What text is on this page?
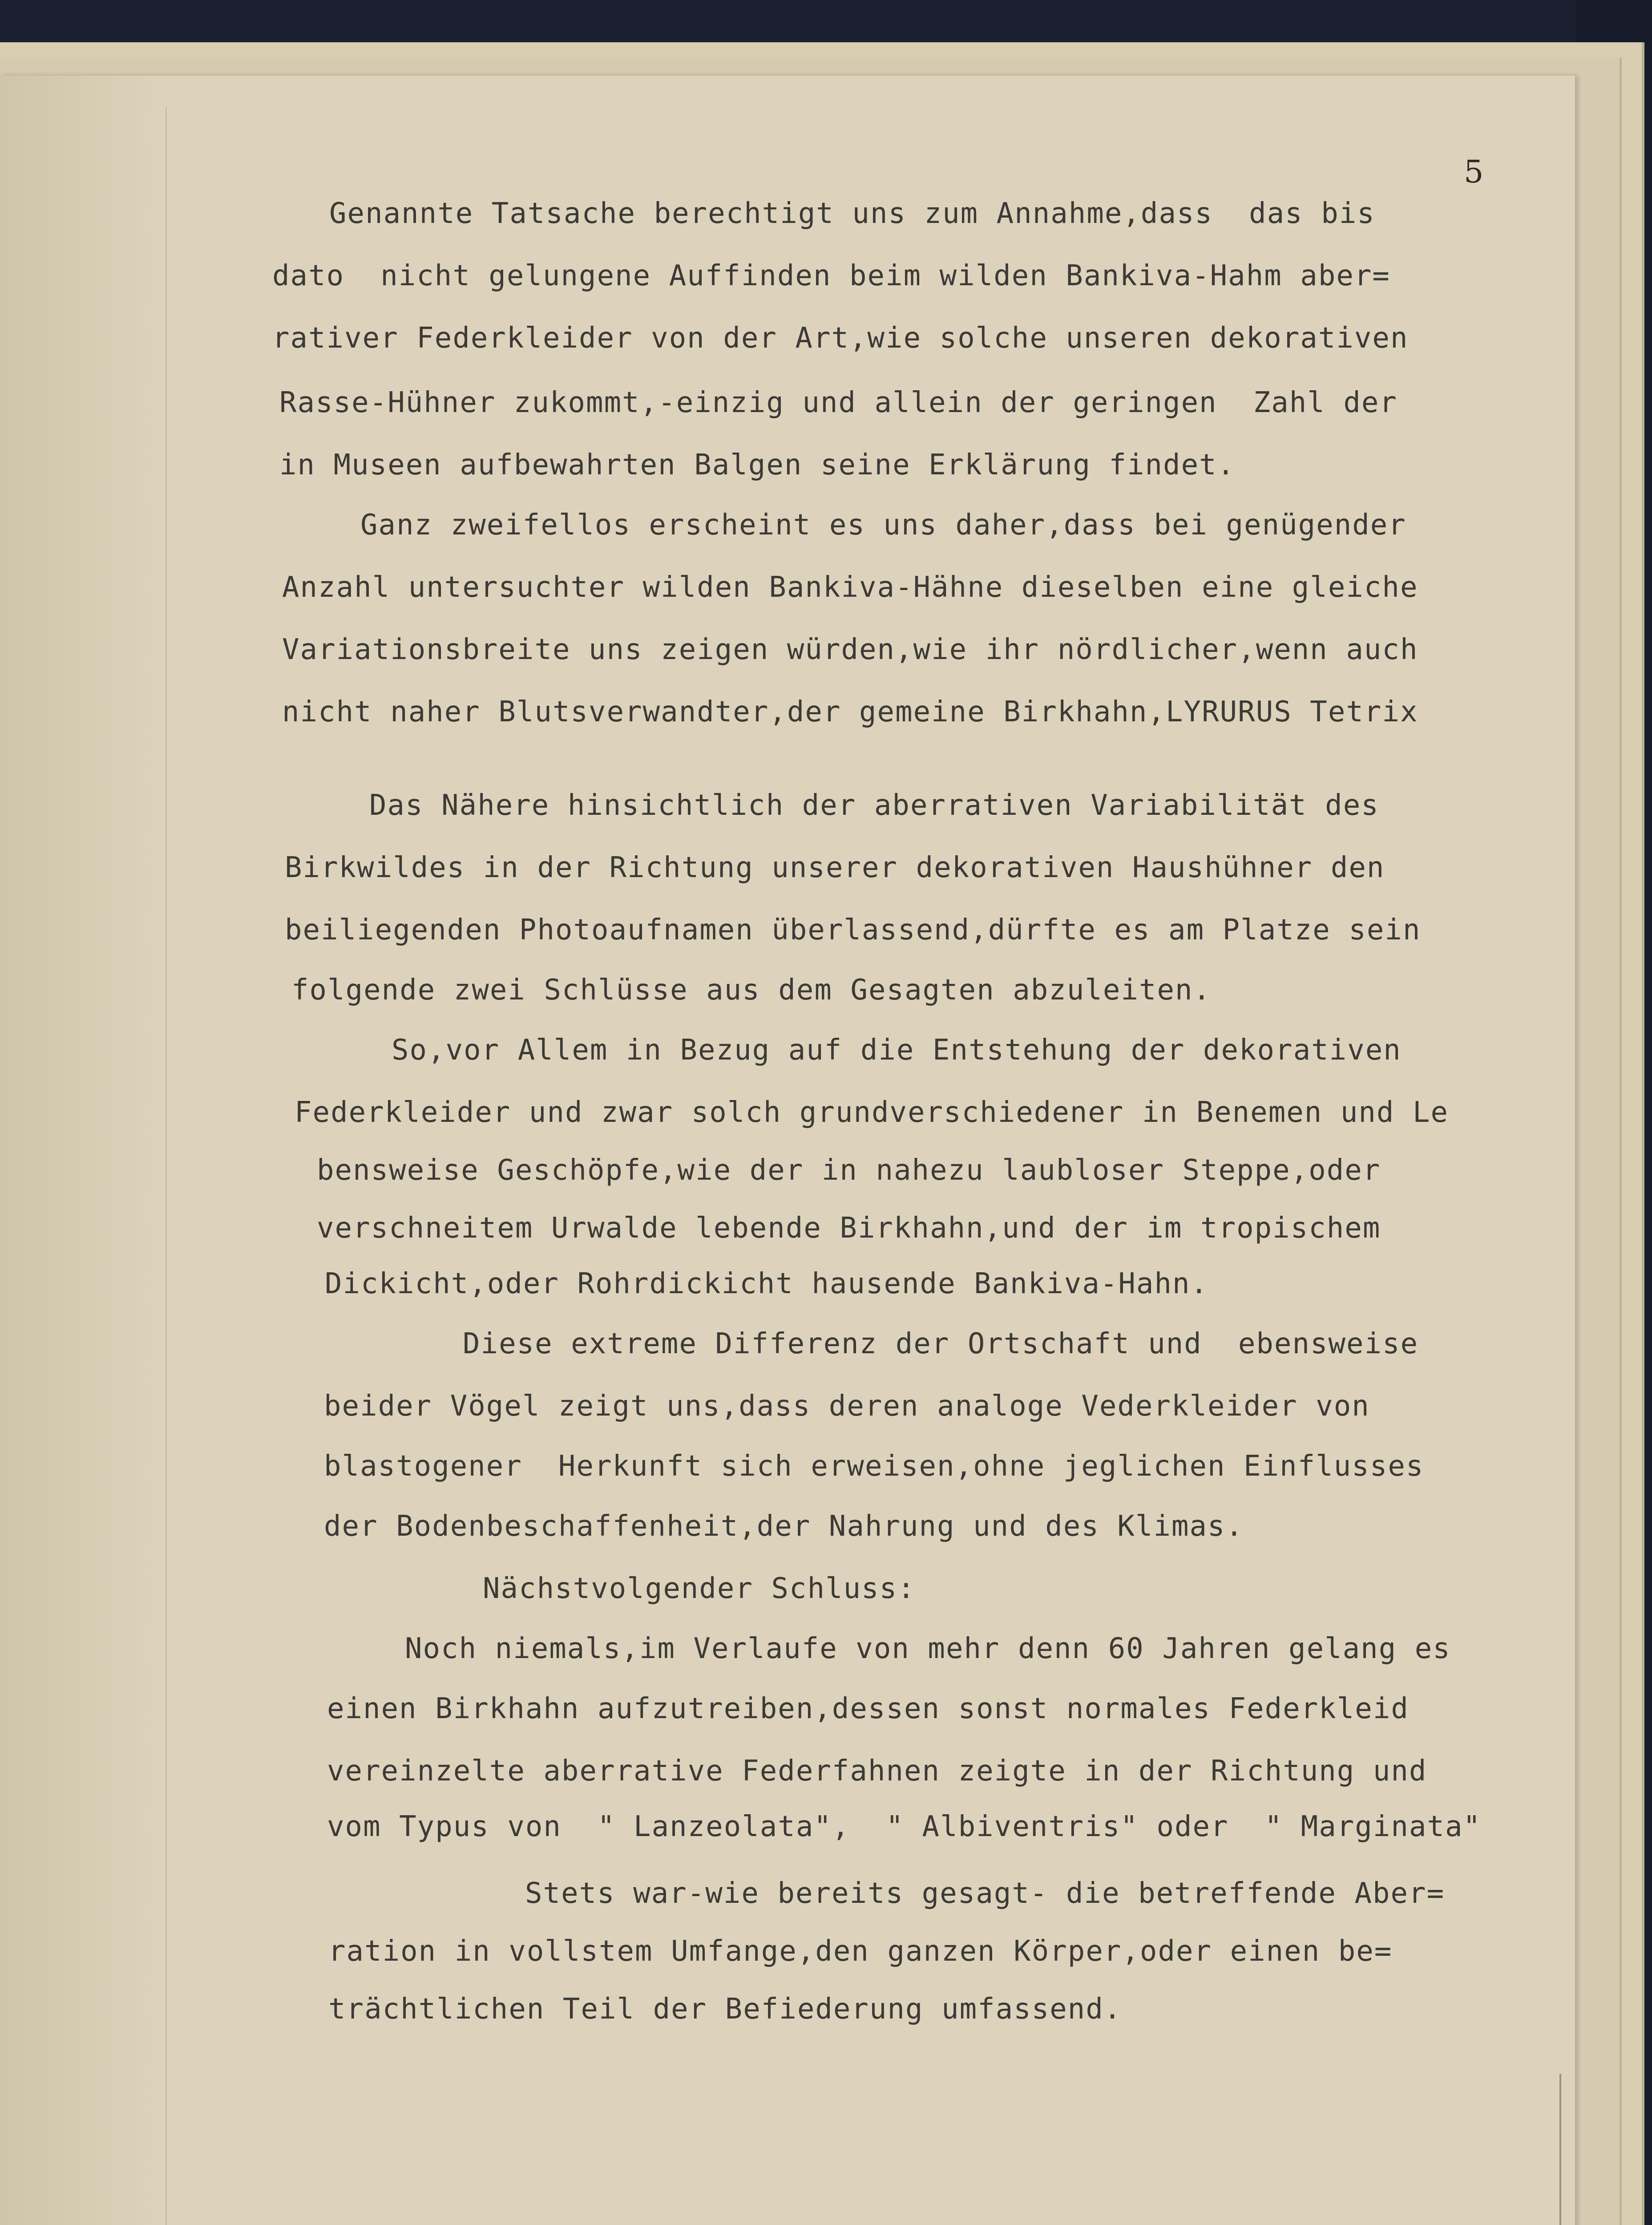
5
Genannte Tatsache berechtigt uns zum Annahme,dass  das bis
dato  nicht gelungene Auffinden beim wilden Bankiva-Hahm aber=
rativer Federkleider von der Art,wie solche unseren dekorativen
Rasse-Hühner zukommt,-einzig und allein der geringen  Zahl der
in Museen aufbewahrten Balgen seine Erklärung findet.
Ganz zweifellos erscheint es uns daher,dass bei genügender
Anzahl untersuchter wilden Bankiva-Hähne dieselben eine gleiche
Variationsbreite uns zeigen würden,wie ihr nördlicher,wenn auch
nicht naher Blutsverwandter,der gemeine Birkhahn,LYRURUS Tetrix
Das Nähere hinsichtlich der aberrativen Variabilität des
Birkwildes in der Richtung unserer dekorativen Haushühner den
beiliegenden Photoaufnamen überlassend,dürfte es am Platze sein
folgende zwei Schlüsse aus dem Gesagten abzuleiten.
So,vor Allem in Bezug auf die Entstehung der dekorativen
Federkleider und zwar solch grundverschiedener in Benemen und Le
bensweise Geschöpfe,wie der in nahezu laubloser Steppe,oder
verschneitem Urwalde lebende Birkhahn,und der im tropischem
Dickicht,oder Rohrdickicht hausende Bankiva-Hahn.
Diese extreme Differenz der Ortschaft und  ebensweise
beider Vögel zeigt uns,dass deren analoge Vederkleider von
blastogener  Herkunft sich erweisen,ohne jeglichen Einflusses
der Bodenbeschaffenheit,der Nahrung und des Klimas.
Nächstvolgender Schluss:
Noch niemals,im Verlaufe von mehr denn 60 Jahren gelang es
einen Birkhahn aufzutreiben,dessen sonst normales Federkleid
vereinzelte aberrative Federfahnen zeigte in der Richtung und
vom Typus von  " Lanzeolata",  " Albiventris" oder  " Marginata"
Stets war-wie bereits gesagt- die betreffende Aber=
ration in vollstem Umfange,den ganzen Körper,oder einen be=
trächtlichen Teil der Befiederung umfassend.
